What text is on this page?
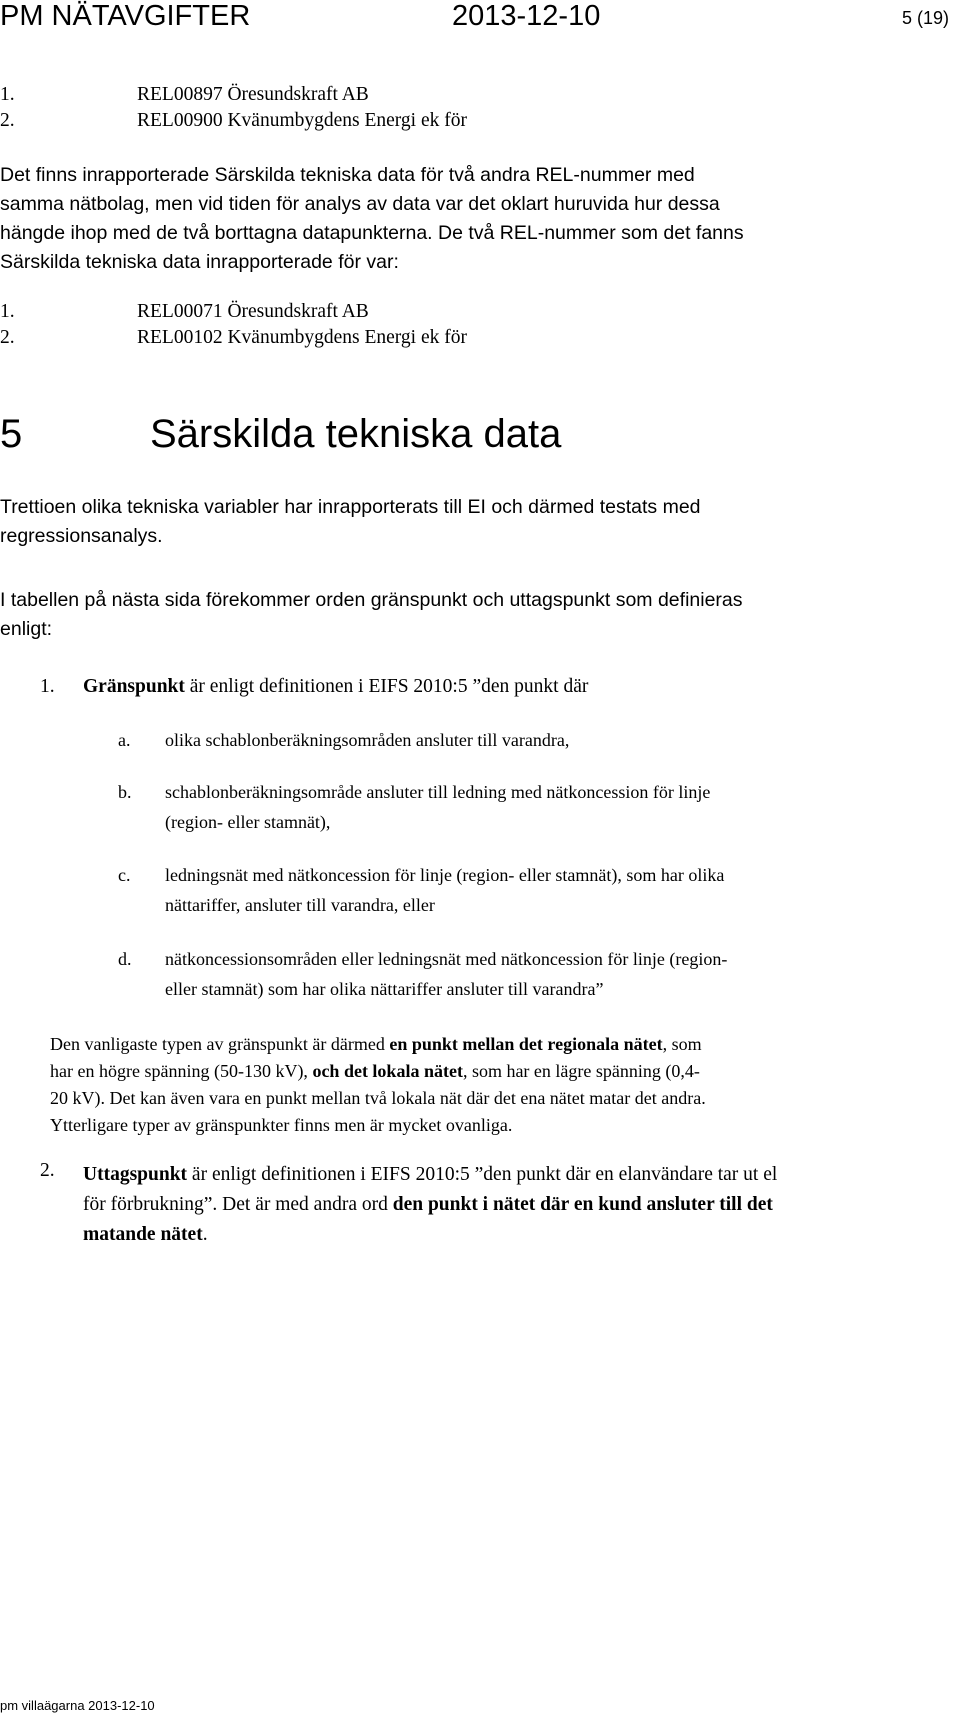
PM NÄTAVGIFTER	2013-12-10	5 (19)
1.	REL00897 Öresundskraft AB
2.	REL00900 Kvänumbygdens Energi ek för
Det finns inrapporterade Särskilda tekniska data för två andra REL-nummer med
samma nätbolag, men vid tiden för analys av data var det oklart huruvida hur dessa
hängde ihop med de två borttagna datapunkterna. De två REL-nummer som det fanns
Särskilda tekniska data inrapporterade för var:
1.	REL00071 Öresundskraft AB
2.	REL00102 Kvänumbygdens Energi ek för
5	Särskilda tekniska data
Trettioen olika tekniska variabler har inrapporterats till EI och därmed testats med
regressionsanalys.
I tabellen på nästa sida förekommer orden gränspunkt och uttagspunkt som definieras
enligt:
1. Gränspunkt är enligt definitionen i EIFS 2010:5 ”den punkt där
a. olika schablonberäkningsområden ansluter till varandra,
b. schablonberäkningsområde ansluter till ledning med nätkoncession för linje
(region- eller stamnät),
c. ledningsnät med nätkoncession för linje (region- eller stamnät), som har olika
nättariffer, ansluter till varandra, eller
d. nätkoncessionsområden eller ledningsnät med nätkoncession för linje (region-
eller stamnät) som har olika nättariffer ansluter till varandra”
Den vanligaste typen av gränspunkt är därmed en punkt mellan det regionala nätet, som
har en högre spänning (50-130 kV), och det lokala nätet, som har en lägre spänning (0,4-
20 kV). Det kan även vara en punkt mellan två lokala nät där det ena nätet matar det andra.
Ytterligare typer av gränspunkter finns men är mycket ovanliga.
2. Uttagspunkt är enligt definitionen i EIFS 2010:5 ”den punkt där en elanvändare tar ut el
för förbrukning”. Det är med andra ord den punkt i nätet där en kund ansluter till det
matande nätet.
pm villaägarna 2013-12-10
